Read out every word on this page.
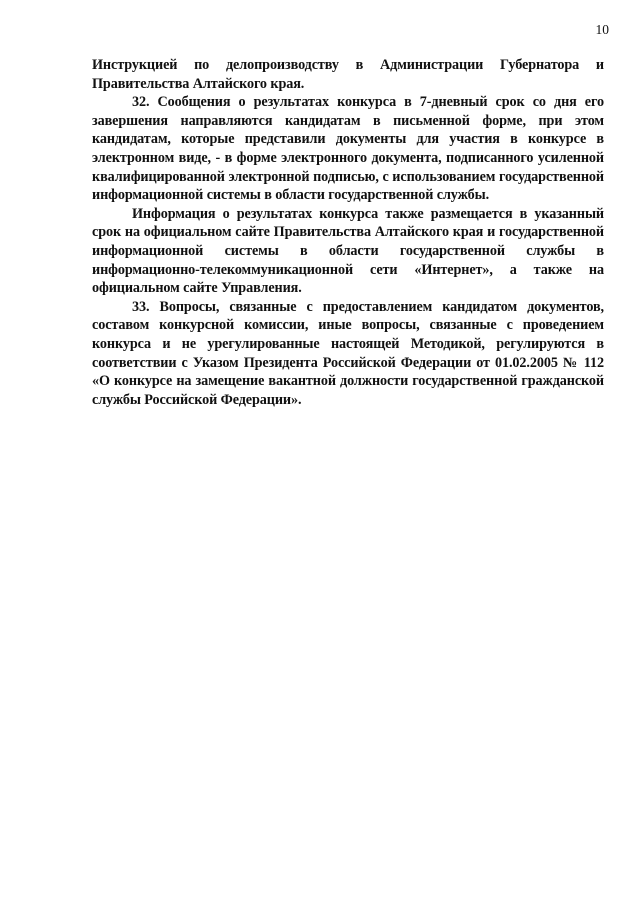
10

Инструкцией по делопроизводству в Администрации Губернатора и Правительства Алтайского края.

32. Сообщения о результатах конкурса в 7-дневный срок со дня его завершения направляются кандидатам в письменной форме, при этом кандидатам, которые представили документы для участия в конкурсе в электронном виде, - в форме электронного документа, подписанного усиленной квалифицированной электронной подписью, с использованием государственной информационной системы в области государственной службы.

Информация о результатах конкурса также размещается в указанный срок на официальном сайте Правительства Алтайского края и государственной информационной системы в области государственной службы в информационно-телекоммуникационной сети «Интернет», а также на официальном сайте Управления.

33. Вопросы, связанные с предоставлением кандидатом документов, составом конкурсной комиссии, иные вопросы, связанные с проведением конкурса и не урегулированные настоящей Методикой, регулируются в соответствии с Указом Президента Российской Федерации от 01.02.2005 № 112 «О конкурсе на замещение вакантной должности государственной гражданской службы Российской Федерации».
